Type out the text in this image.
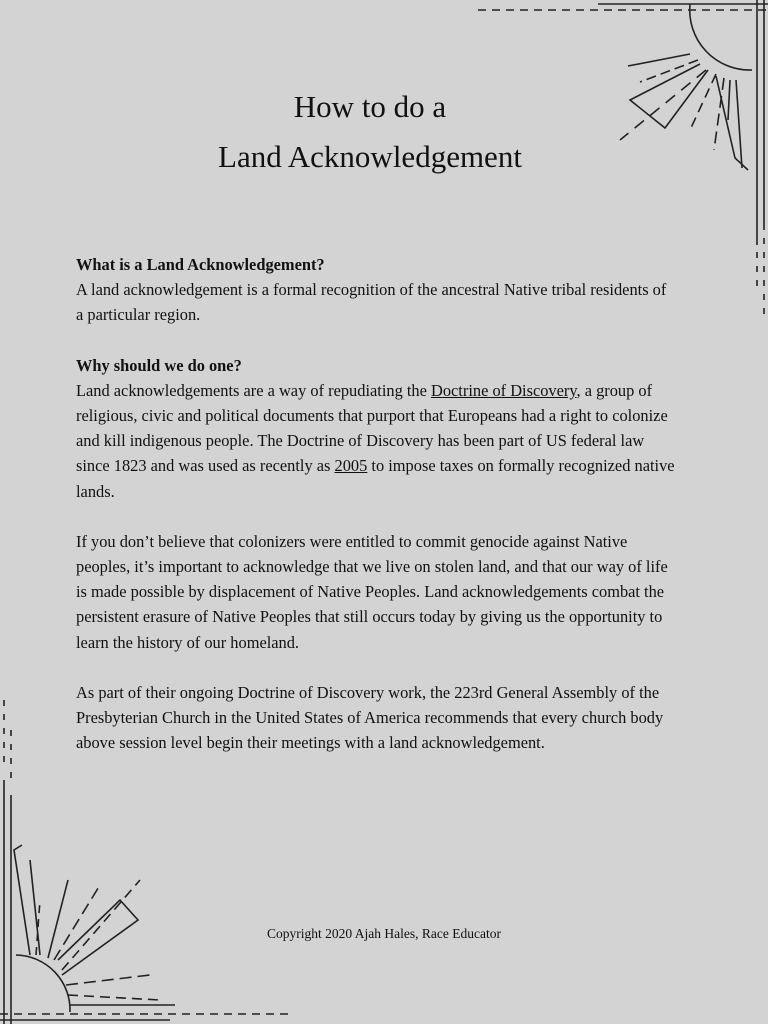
How to do a
Land Acknowledgement

What is a Land Acknowledgement?
A land acknowledgement is a formal recognition of the ancestral Native tribal residents of a particular region.

Why should we do one?
Land acknowledgements are a way of repudiating the Doctrine of Discovery, a group of religious, civic and political documents that purport that Europeans had a right to colonize and kill indigenous people. The Doctrine of Discovery has been part of US federal law since 1823 and was used as recently as 2005 to impose taxes on formally recognized native lands.

If you don’t believe that colonizers were entitled to commit genocide against Native peoples, it’s important to acknowledge that we live on stolen land, and that our way of life is made possible by displacement of Native Peoples. Land acknowledgements combat the persistent erasure of Native Peoples that still occurs today by giving us the opportunity to learn the history of our homeland.

As part of their ongoing Doctrine of Discovery work, the 223rd General Assembly of the Presbyterian Church in the United States of America recommends that every church body above session level begin their meetings with a land acknowledgement.

Copyright 2020 Ajah Hales, Race Educator
